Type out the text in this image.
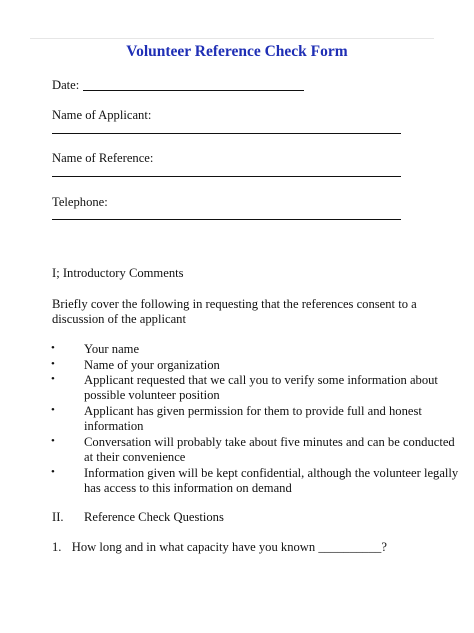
Volunteer Reference Check Form
Date:
Name of Applicant:
Name of Reference:
Telephone:
I; Introductory Comments
Briefly cover the following in requesting that the references consent to a
discussion of the applicant
• Your name
• Name of your organization
• Applicant requested that we call you to verify some information about
possible volunteer position
• Applicant has given permission for them to provide full and honest
information
• Conversation will probably take about five minutes and can be conducted
at their convenience
• Information given will be kept confidential, although the volunteer legally
has access to this information on demand
II. Reference Check Questions
1. How long and in what capacity have you known __________?
